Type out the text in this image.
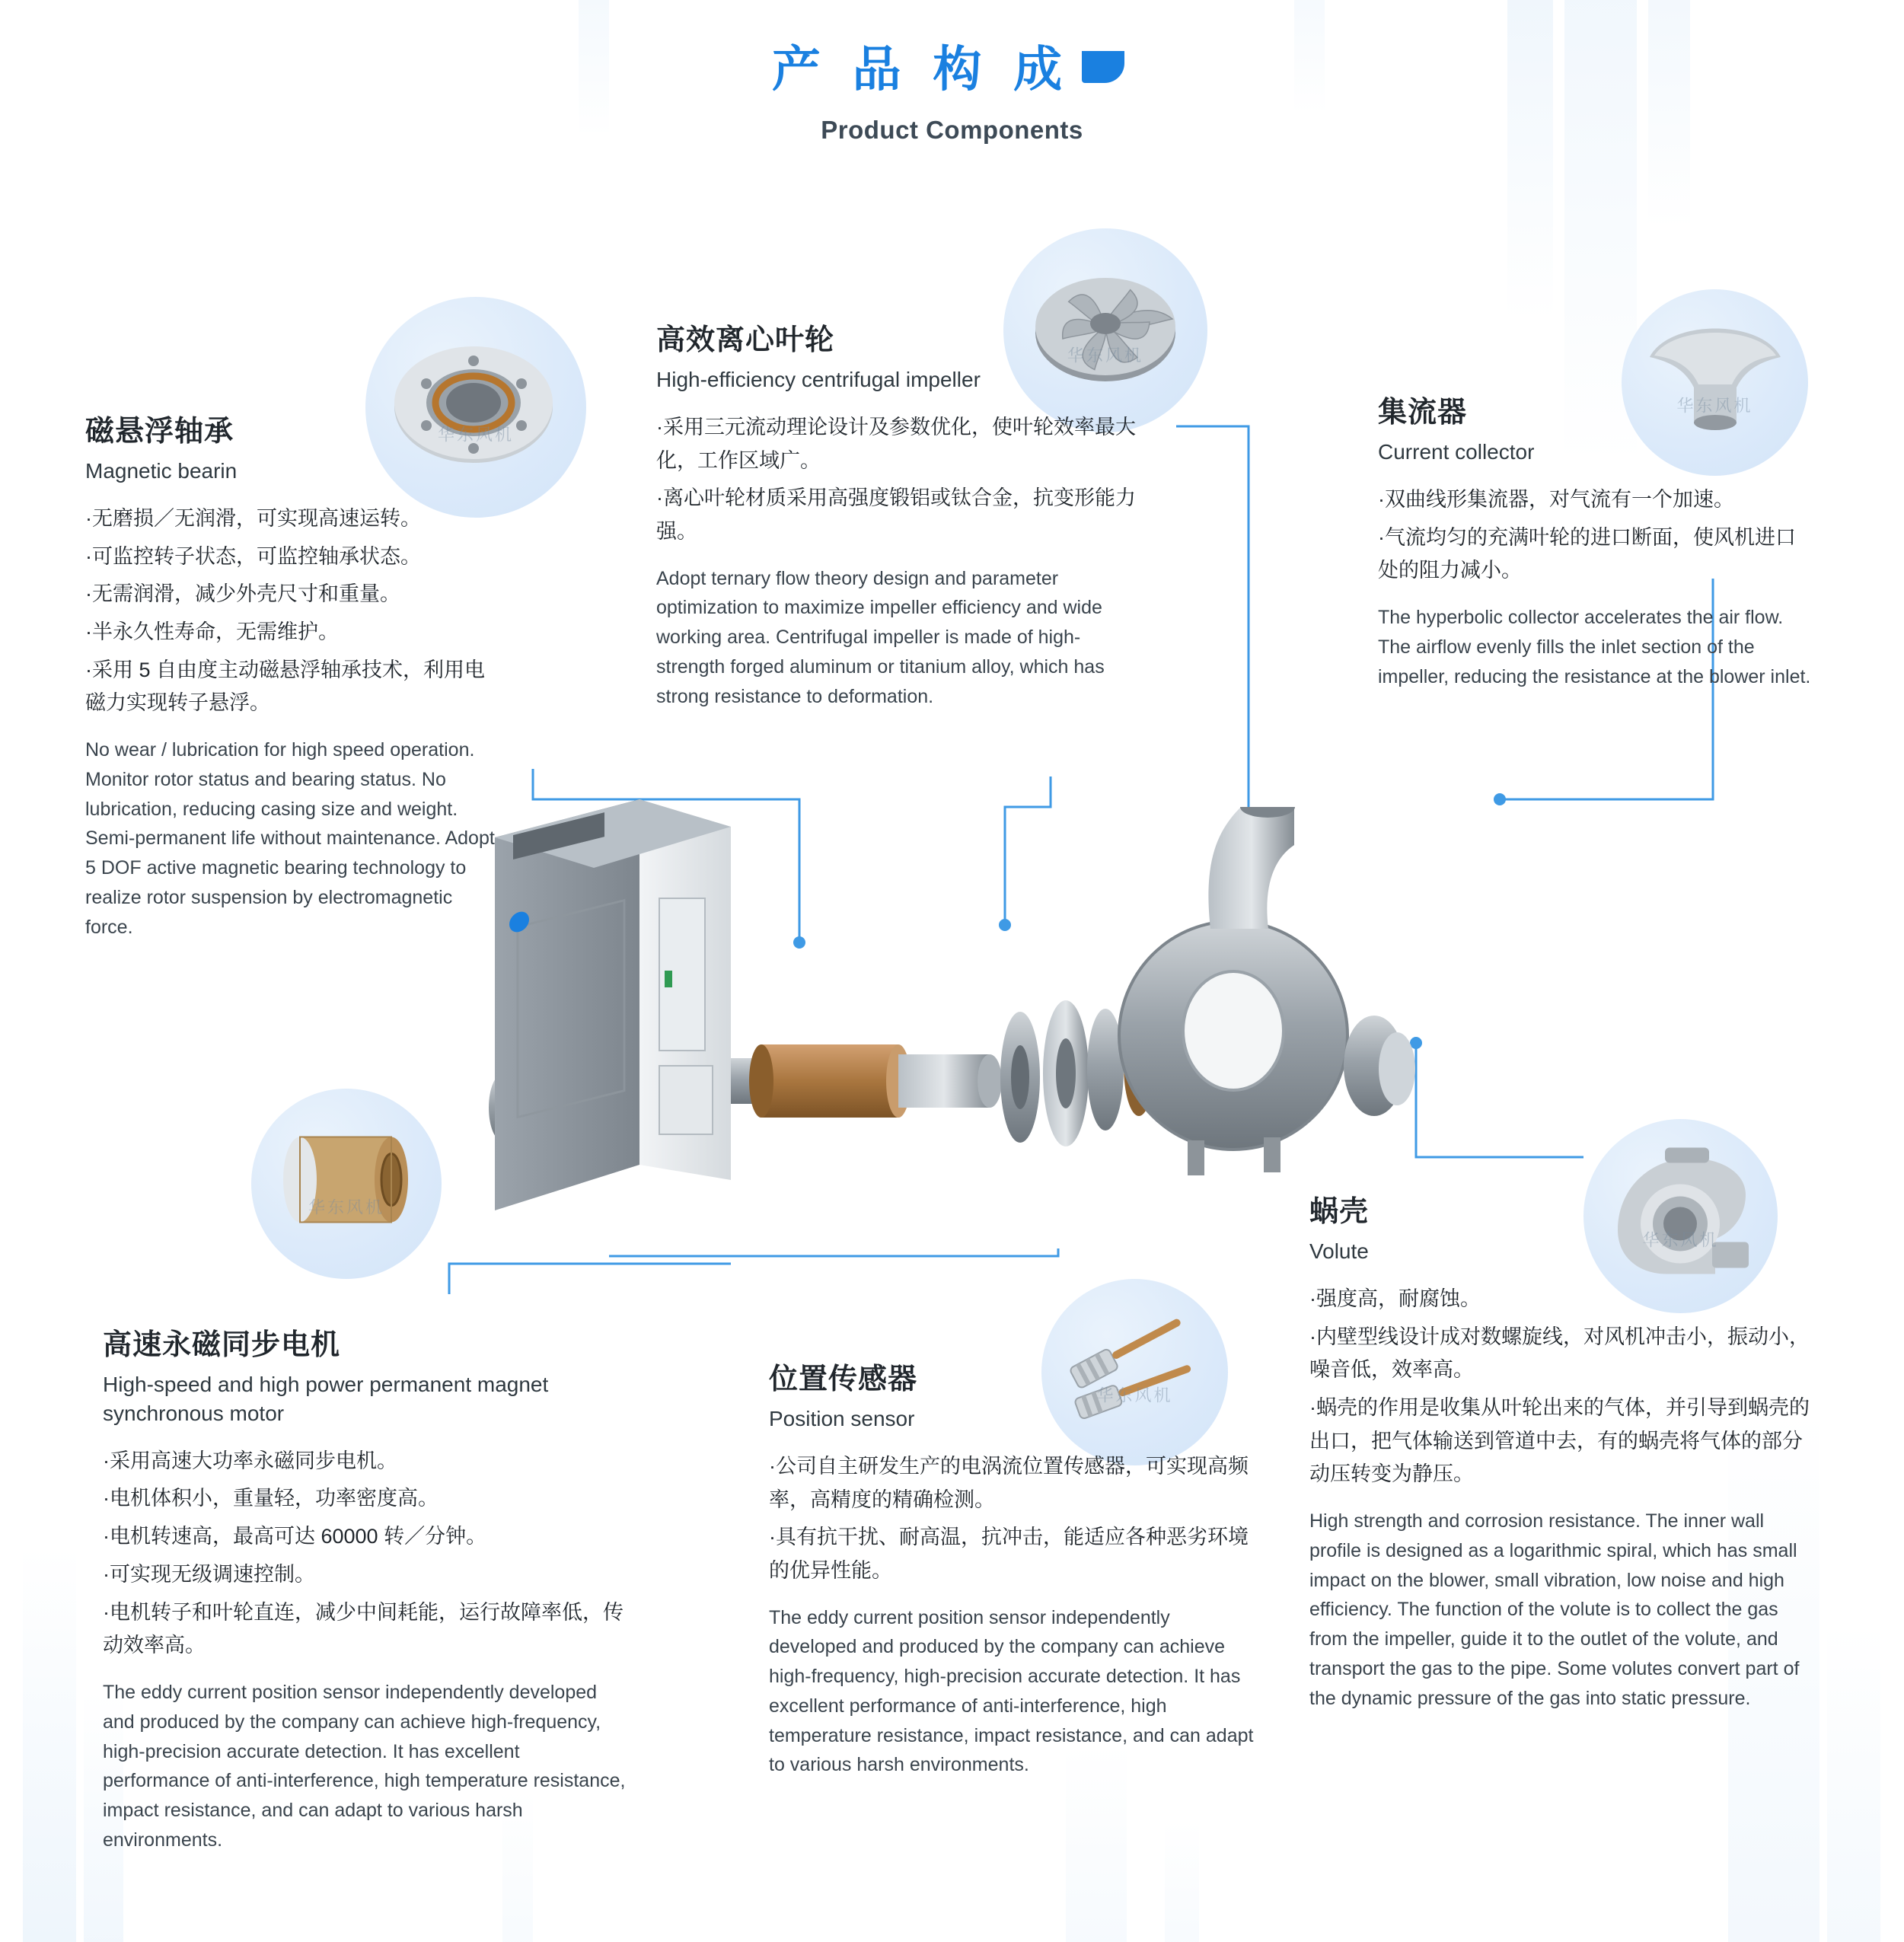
产 品 构 成
Product Components
华东风机
华东风机
华东风机
华东风机
华东风机
华东风机
磁悬浮轴承
Magnetic bearin
·无磨损／无润滑，可实现高速运转。
·可监控转子状态，可监控轴承状态。
·无需润滑，减少外壳尺寸和重量。
·半永久性寿命，无需维护。
·采用 5 自由度主动磁悬浮轴承技术，利用电磁力实现转子悬浮。
No wear / lubrication for high speed operation. Monitor rotor status and bearing status. No lubrication, reducing casing size and weight. Semi-permanent life without maintenance. Adopt 5 DOF active magnetic bearing technology to realize rotor suspension by electromagnetic force.
高效离心叶轮
High-efficiency centrifugal impeller
·采用三元流动理论设计及参数优化，使叶轮效率最大化，工作区域广。
·离心叶轮材质采用高强度锻铝或钛合金，抗变形能力强。
Adopt ternary flow theory design and parameter optimization to maximize impeller efficiency and wide working area. Centrifugal impeller is made of high-strength forged aluminum or titanium alloy, which has strong resistance to deformation.
集流器
Current collector
·双曲线形集流器，对气流有一个加速。
·气流均匀的充满叶轮的进口断面，使风机进口处的阻力减小。
The hyperbolic collector accelerates the air flow. The airflow evenly fills the inlet section of the impeller, reducing the resistance at the blower inlet.
高速永磁同步电机
High-speed and high power permanent magnet synchronous motor
·采用高速大功率永磁同步电机。
·电机体积小，重量轻，功率密度高。
·电机转速高，最高可达 60000 转／分钟。
·可实现无级调速控制。
·电机转子和叶轮直连，减少中间耗能，运行故障率低，传动效率高。
The eddy current position sensor independently developed and produced by the company can achieve high-frequency, high-precision accurate detection. It has excellent performance of anti-interference, high temperature resistance, impact resistance, and can adapt to various harsh environments.
位置传感器
Position sensor
·公司自主研发生产的电涡流位置传感器，可实现高频率，高精度的精确检测。
·具有抗干扰、耐高温，抗冲击，能适应各种恶劣环境的优异性能。
The eddy current position sensor independently developed and produced by the company can achieve high-frequency, high-precision accurate detection. It has excellent performance of anti-interference, high temperature resistance, impact resistance, and can adapt to various harsh environments.
蜗壳
Volute
·强度高，耐腐蚀。
·内壁型线设计成对数螺旋线，对风机冲击小，振动小，噪音低，效率高。
·蜗壳的作用是收集从叶轮出来的气体，并引导到蜗壳的出口，把气体输送到管道中去，有的蜗壳将气体的部分动压转变为静压。
High strength and corrosion resistance. The inner wall profile is designed as a logarithmic spiral, which has small impact on the blower, small vibration, low noise and high efficiency. The function of the volute is to collect the gas from the impeller, guide it to the outlet of the volute, and transport the gas to the pipe. Some volutes convert part of the dynamic pressure of the gas into static pressure.
